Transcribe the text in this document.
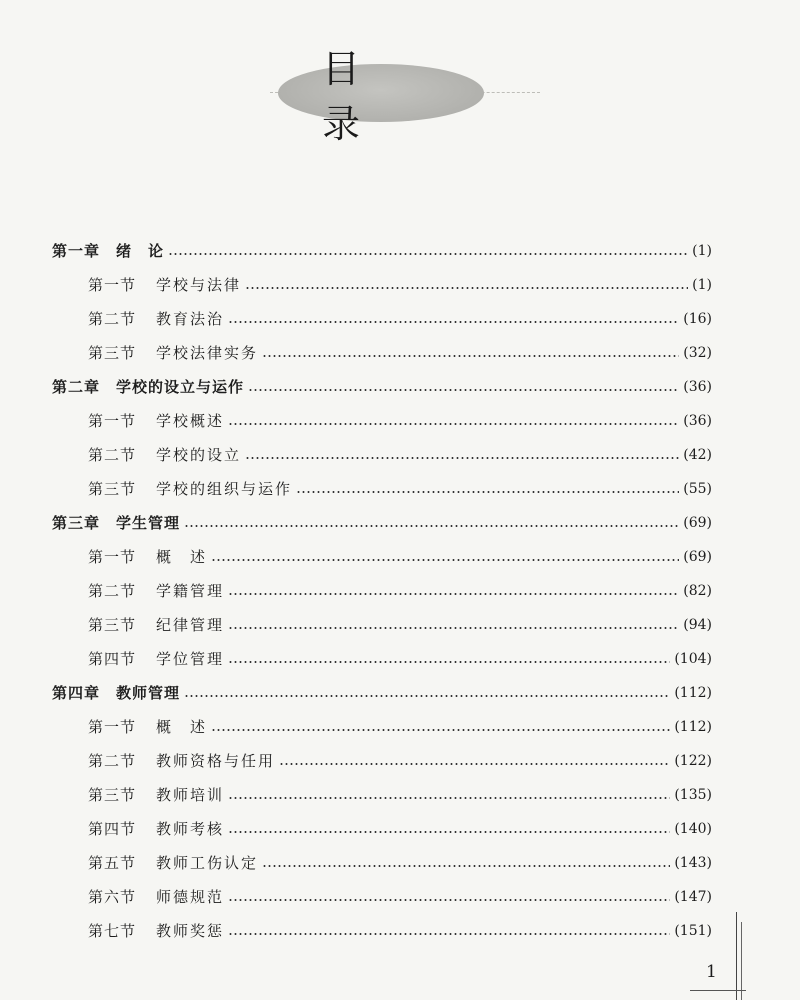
目 录
第一章 绪　论	(1)
第一节 学校与法律	(1)
第二节 教育法治	(16)
第三节 学校法律实务	(32)
第二章 学校的设立与运作	(36)
第一节 学校概述	(36)
第二节 学校的设立	(42)
第三节 学校的组织与运作	(55)
第三章 学生管理	(69)
第一节 概　述	(69)
第二节 学籍管理	(82)
第三节 纪律管理	(94)
第四节 学位管理	(104)
第四章 教师管理	(112)
第一节 概　述	(112)
第二节 教师资格与任用	(122)
第三节 教师培训	(135)
第四节 教师考核	(140)
第五节 教师工伤认定	(143)
第六节 师德规范	(147)
第七节 教师奖惩	(151)
1
